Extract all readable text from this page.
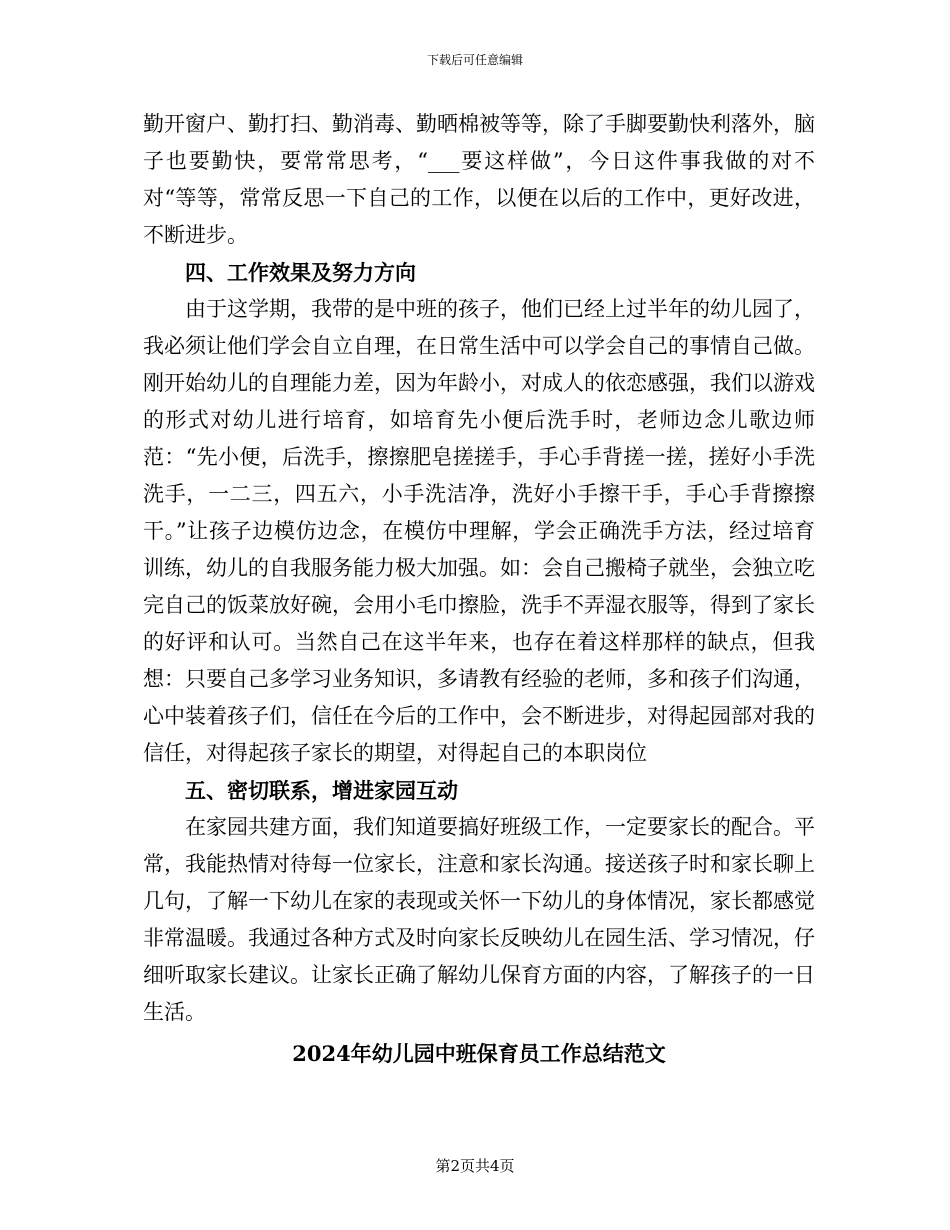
下载后可任意编辑

勤开窗户、勤打扫、勤消毒、勤晒棉被等等，除了手脚要勤快利落外，脑子也要勤快，要常常思考，“___要这样做”，今日这件事我做的对不对“等等，常常反思一下自己的工作，以便在以后的工作中，更好改进，不断进步。

四、工作效果及努力方向

由于这学期，我带的是中班的孩子，他们已经上过半年的幼儿园了，我必须让他们学会自立自理，在日常生活中可以学会自己的事情自己做。刚开始幼儿的自理能力差，因为年龄小，对成人的依恋感强，我们以游戏的形式对幼儿进行培育，如培育先小便后洗手时，老师边念儿歌边师范：“先小便，后洗手，擦擦肥皂搓搓手，手心手背搓一搓，搓好小手洗洗手，一二三，四五六，小手洗洁净，洗好小手擦干手，手心手背擦擦干。”让孩子边模仿边念，在模仿中理解，学会正确洗手方法，经过培育训练，幼儿的自我服务能力极大加强。如：会自己搬椅子就坐，会独立吃完自己的饭菜放好碗，会用小毛巾擦脸，洗手不弄湿衣服等，得到了家长的好评和认可。当然自己在这半年来，也存在着这样那样的缺点，但我想：只要自己多学习业务知识，多请教有经验的老师，多和孩子们沟通，心中装着孩子们，信任在今后的工作中，会不断进步，对得起园部对我的信任，对得起孩子家长的期望，对得起自己的本职岗位

五、密切联系，增进家园互动

在家园共建方面，我们知道要搞好班级工作，一定要家长的配合。平常，我能热情对待每一位家长，注意和家长沟通。接送孩子时和家长聊上几句，了解一下幼儿在家的表现或关怀一下幼儿的身体情况，家长都感觉非常温暖。我通过各种方式及时向家长反映幼儿在园生活、学习情况，仔细听取家长建议。让家长正确了解幼儿保育方面的内容，了解孩子的一日生活。

2024年幼儿园中班保育员工作总结范文

第2页共4页
